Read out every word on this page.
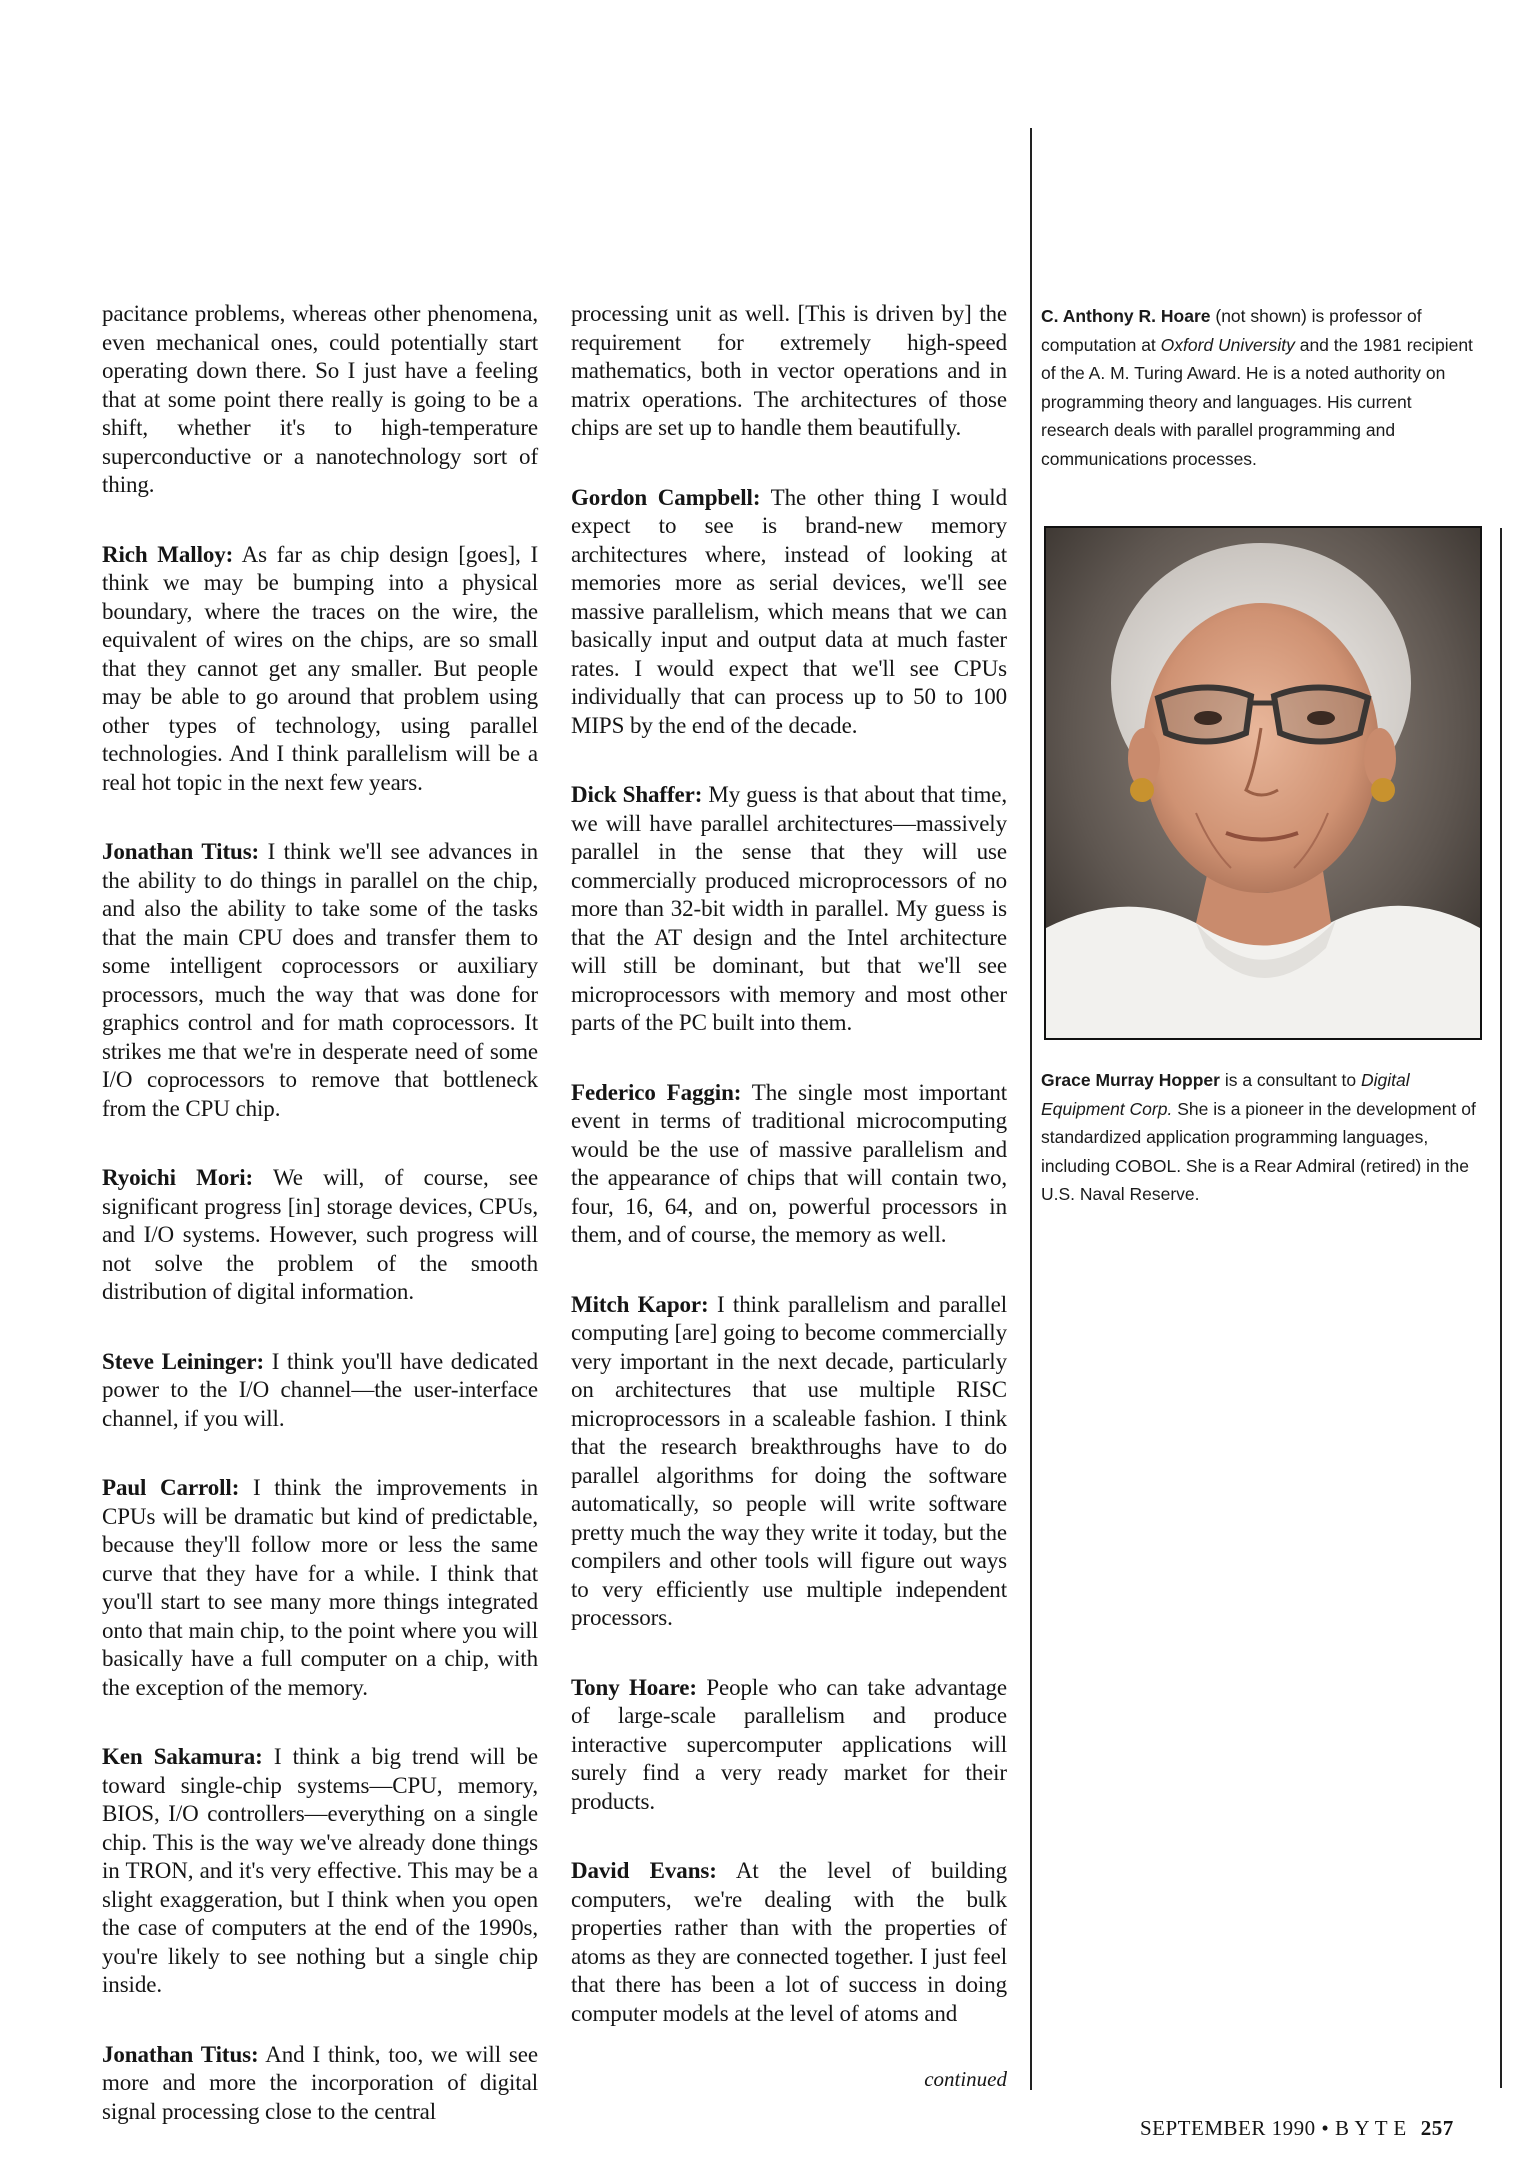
pacitance problems, whereas other phenomena, even mechanical ones, could potentially start operating down there. So I just have a feeling that at some point there really is going to be a shift, whether it's to high-temperature superconductive or a nanotechnology sort of thing.

Rich Malloy: As far as chip design [goes], I think we may be bumping into a physical boundary, where the traces on the wire, the equivalent of wires on the chips, are so small that they cannot get any smaller. But people may be able to go around that problem using other types of technology, using parallel technologies. And I think parallelism will be a real hot topic in the next few years.

Jonathan Titus: I think we'll see advances in the ability to do things in parallel on the chip, and also the ability to take some of the tasks that the main CPU does and transfer them to some intelligent coprocessors or auxiliary processors, much the way that was done for graphics control and for math coprocessors. It strikes me that we're in desperate need of some I/O coprocessors to remove that bottleneck from the CPU chip.

Ryoichi Mori: We will, of course, see significant progress [in] storage devices, CPUs, and I/O systems. However, such progress will not solve the problem of the smooth distribution of digital information.

Steve Leininger: I think you'll have dedicated power to the I/O channel—the user-interface channel, if you will.

Paul Carroll: I think the improvements in CPUs will be dramatic but kind of predictable, because they'll follow more or less the same curve that they have for a while. I think that you'll start to see many more things integrated onto that main chip, to the point where you will basically have a full computer on a chip, with the exception of the memory.

Ken Sakamura: I think a big trend will be toward single-chip systems—CPU, memory, BIOS, I/O controllers—everything on a single chip. This is the way we've already done things in TRON, and it's very effective. This may be a slight exaggeration, but I think when you open the case of computers at the end of the 1990s, you're likely to see nothing but a single chip inside.

Jonathan Titus: And I think, too, we will see more and more the incorporation of digital signal processing close to the central

processing unit as well. [This is driven by] the requirement for extremely high-speed mathematics, both in vector operations and in matrix operations. The architectures of those chips are set up to handle them beautifully.

Gordon Campbell: The other thing I would expect to see is brand-new memory architectures where, instead of looking at memories more as serial devices, we'll see massive parallelism, which means that we can basically input and output data at much faster rates. I would expect that we'll see CPUs individually that can process up to 50 to 100 MIPS by the end of the decade.

Dick Shaffer: My guess is that about that time, we will have parallel architectures—massively parallel in the sense that they will use commercially produced microprocessors of no more than 32-bit width in parallel. My guess is that the AT design and the Intel architecture will still be dominant, but that we'll see microprocessors with memory and most other parts of the PC built into them.

Federico Faggin: The single most important event in terms of traditional microcomputing would be the use of massive parallelism and the appearance of chips that will contain two, four, 16, 64, and on, powerful processors in them, and of course, the memory as well.

Mitch Kapor: I think parallelism and parallel computing [are] going to become commercially very important in the next decade, particularly on architectures that use multiple RISC microprocessors in a scaleable fashion. I think that the research breakthroughs have to do parallel algorithms for doing the software automatically, so people will write software pretty much the way they write it today, but the compilers and other tools will figure out ways to very efficiently use multiple independent processors.

Tony Hoare: People who can take advantage of large-scale parallelism and produce interactive supercomputer applications will surely find a very ready market for their products.

David Evans: At the level of building computers, we're dealing with the bulk properties rather than with the properties of atoms as they are connected together. I just feel that there has been a lot of success in doing computer models at the level of atoms and

continued

C. Anthony R. Hoare (not shown) is professor of computation at Oxford University and the 1981 recipient of the A. M. Turing Award. He is a noted authority on programming theory and languages. His current research deals with parallel programming and communications processes.

Grace Murray Hopper is a consultant to Digital Equipment Corp. She is a pioneer in the development of standardized application programming languages, including COBOL. She is a Rear Admiral (retired) in the U.S. Naval Reserve.

SEPTEMBER 1990 • B Y T E 257
